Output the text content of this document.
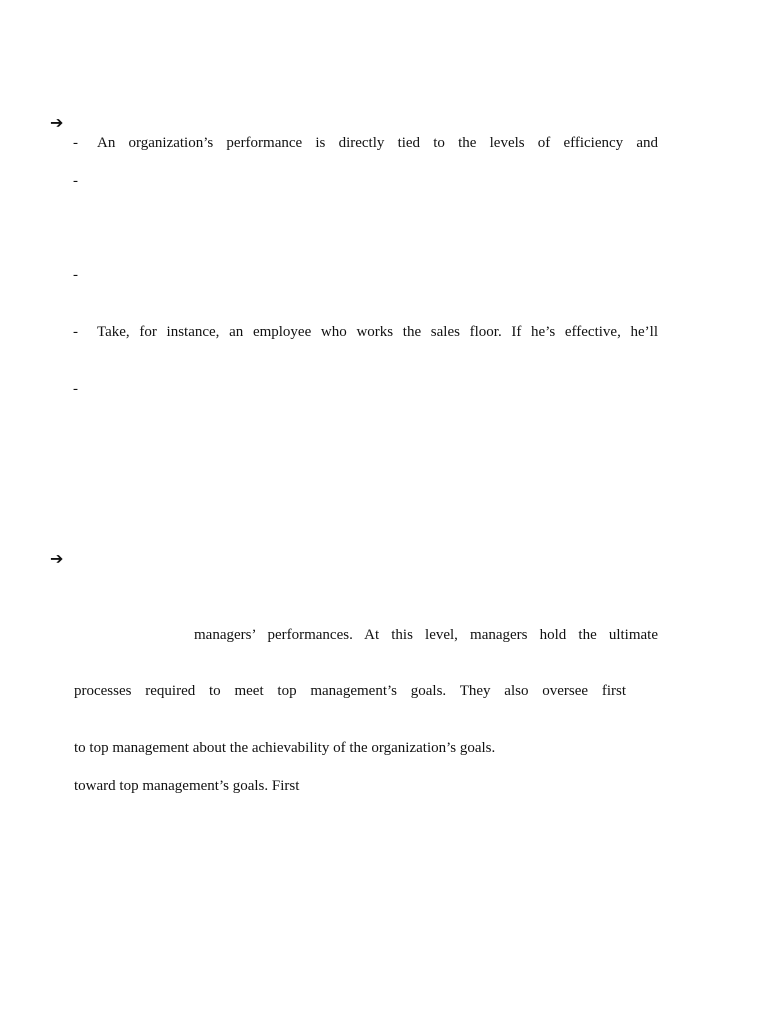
➔
- An organization’s performance is directly tied to the levels of efficiency and
-
-
- Take, for instance, an employee who works the sales floor. If he’s effective, he’ll
-
➔
managers’ performances. At this level, managers hold the ultimate
processes required to meet top management’s goals. They also oversee first
to top management about the achievability of the organization’s goals.
toward top management’s goals. First
